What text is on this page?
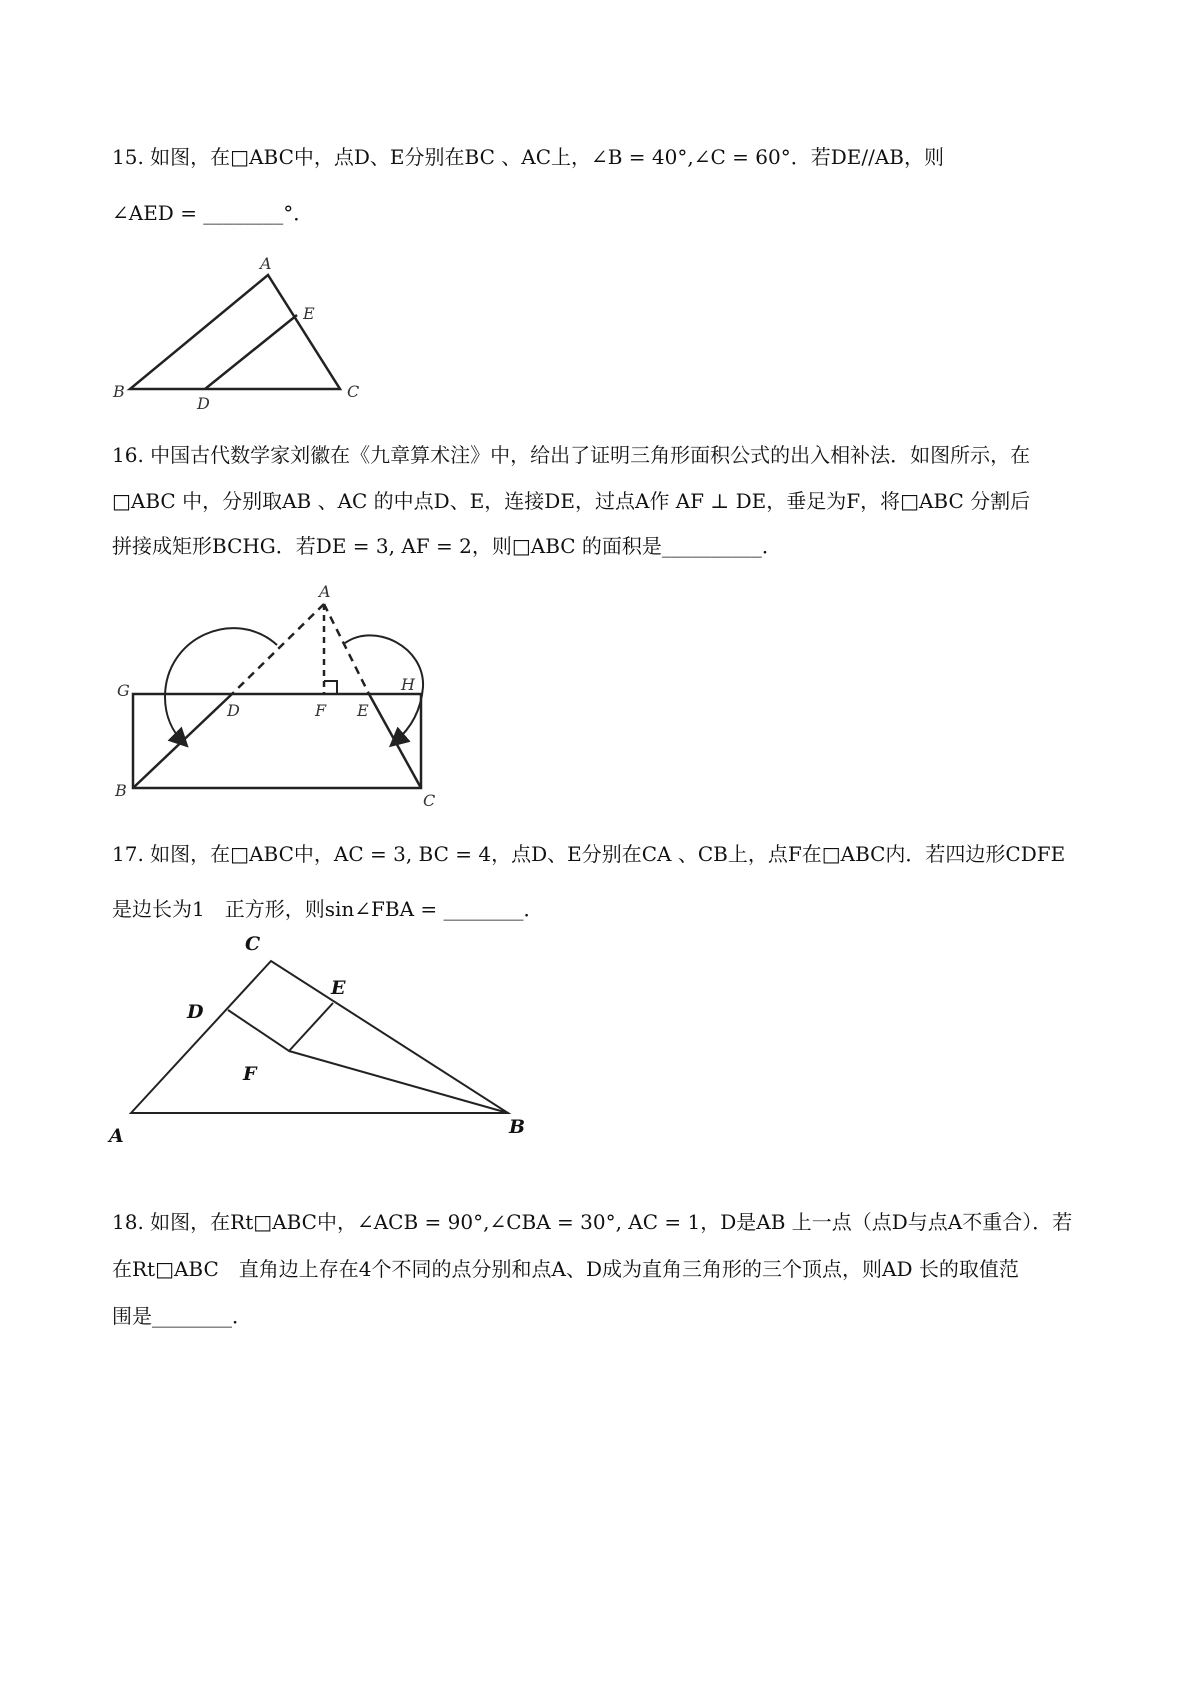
15. 如图，在□ABC中，点D、E分别在BC 、AC上，∠B = 40°,∠C = 60°．若DE//AB，则
∠AED = ________°．
A
E
B
D
C
16. 中国古代数学家刘徽在《九章算术注》中，给出了证明三角形面积公式的出入相补法．如图所示，在
□ABC 中，分别取AB 、AC 的中点D、E，连接DE，过点A作 AF ⊥ DE，垂足为F，将□ABC 分割后
拼接成矩形BCHG．若DE = 3, AF = 2，则□ABC 的面积是__________．
A
G
D	F E
H
B
C
17. 如图，在□ABC中，AC = 3, BC = 4，点D、E分别在CA 、CB上，点F在□ABC内．若四边形CDFE
是边长为1　正方形，则sin∠FBA = ________．
C
E
D
F
A	B
18. 如图，在Rt□ABC中，∠ACB = 90°,∠CBA = 30°, AC = 1，D是AB 上一点（点D与点A不重合）．若
在Rt□ABC　直角边上存在4个不同的点分别和点A、D成为直角三角形的三个顶点，则AD 长的取值范
围是________．
